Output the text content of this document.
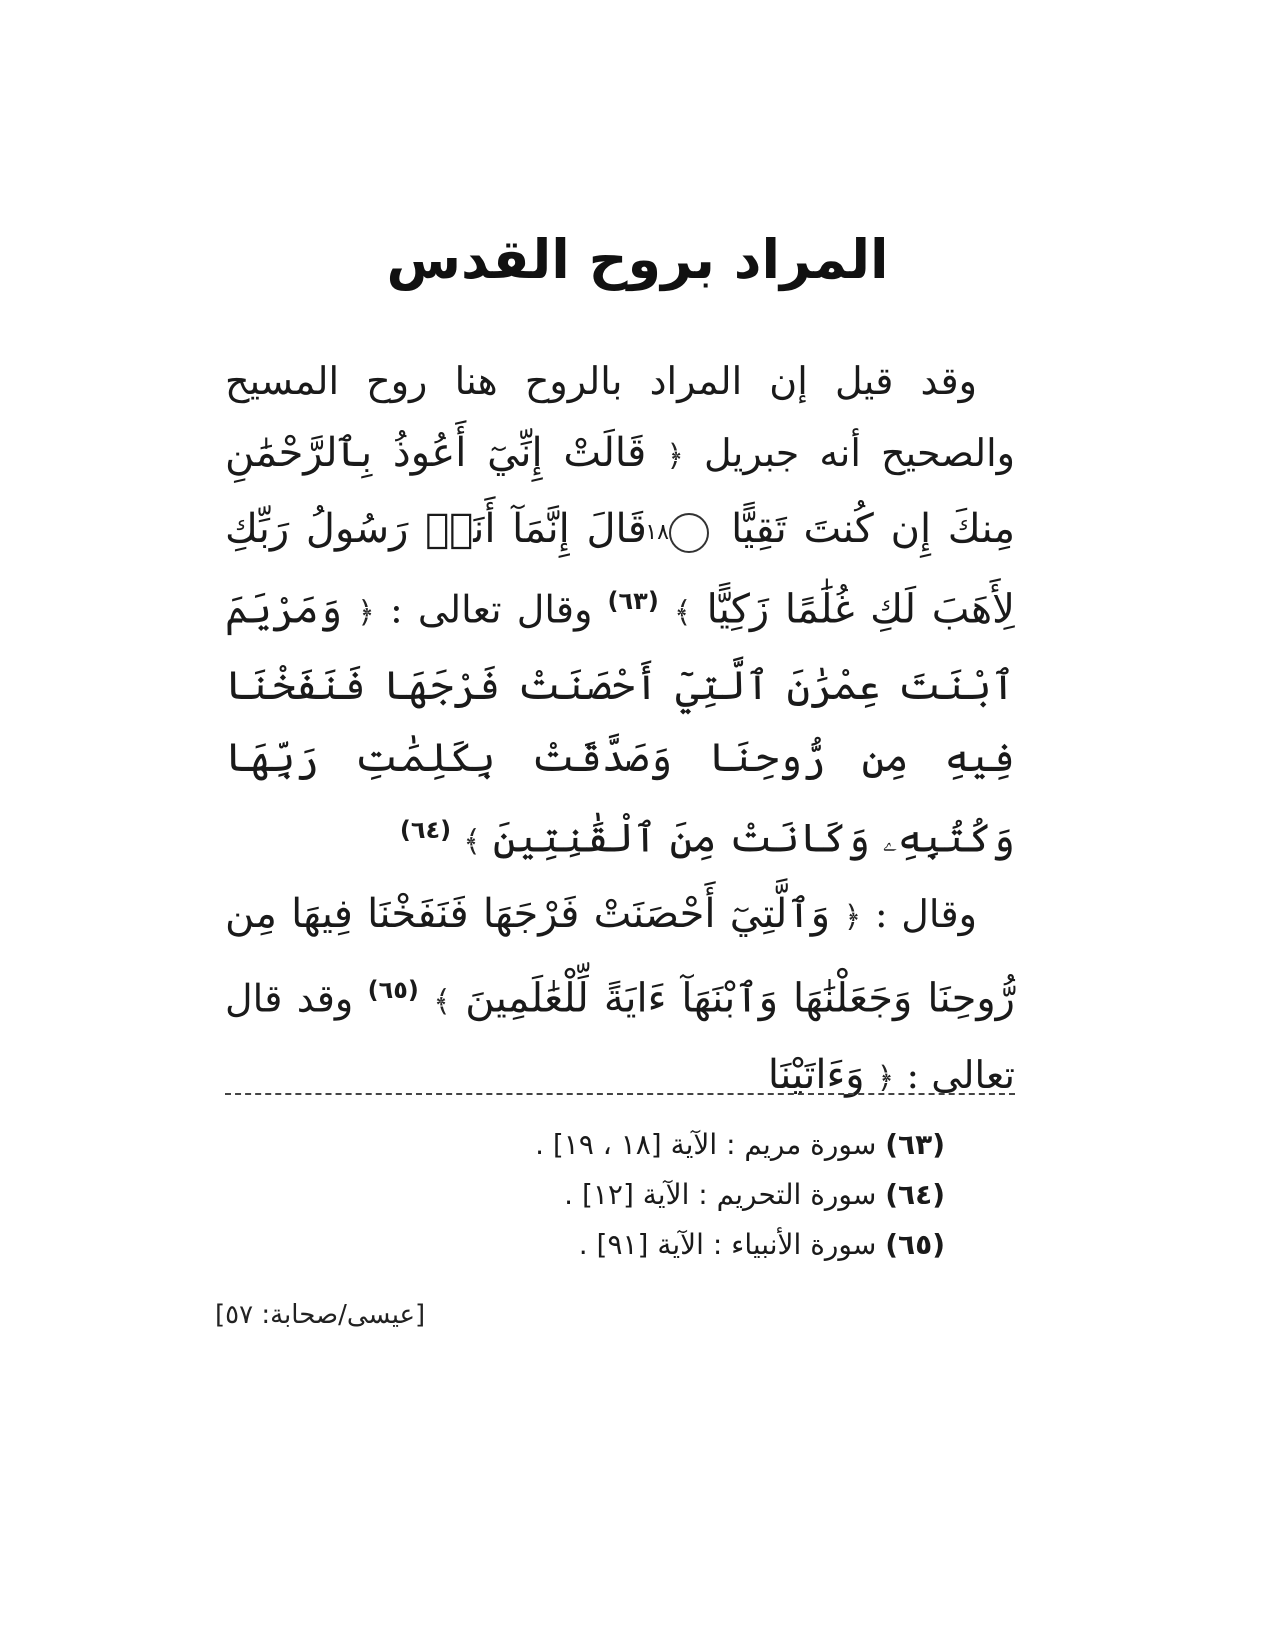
المراد بروح القدس

وقد قيل إن المراد بالروح هنا روح المسيح والصحيح أنه جبريل ﴿ قَالَتْ إِنِّيٓ أَعُوذُ بِٱلرَّحْمَٰنِ مِنكَ إِن كُنتَ تَقِيًّا ١٨ قَالَ إِنَّمَآ أَنَا۠ رَسُولُ رَبِّكِ لِأَهَبَ لَكِ غُلَٰمًا زَكِيًّا ﴾ $^{(٦٣)}$ وقال تعالى : ﴿ وَمَرْيَمَ ٱبْنَتَ عِمْرَٰنَ ٱلَّتِيٓ أَحْصَنَتْ فَرْجَهَا فَنَفَخْنَا فِيهِ مِن رُّوحِنَا وَصَدَّقَتْ بِكَلِمَٰتِ رَبِّهَا وَكُتُبِهِۦ وَكَانَتْ مِنَ ٱلْقَٰنِتِينَ ﴾ $^{(٦٤)}$

وقال : ﴿ وَٱلَّتِيٓ أَحْصَنَتْ فَرْجَهَا فَنَفَخْنَا فِيهَا مِن رُّوحِنَا وَجَعَلْنَٰهَا وَٱبْنَهَآ ءَايَةً لِّلْعَٰلَمِينَ ﴾ $^{(٦٥)}$ وقد قال تعالى : ﴿ وَءَاتَيْنَا

(٦٣) سورة مريم : الآية [١٨ ، ١٩] .

(٦٤) سورة التحريم : الآية [١٢] .

(٦٥) سورة الأنبياء : الآية [٩١] .

[عيسى/صحابة: ٥٧]
